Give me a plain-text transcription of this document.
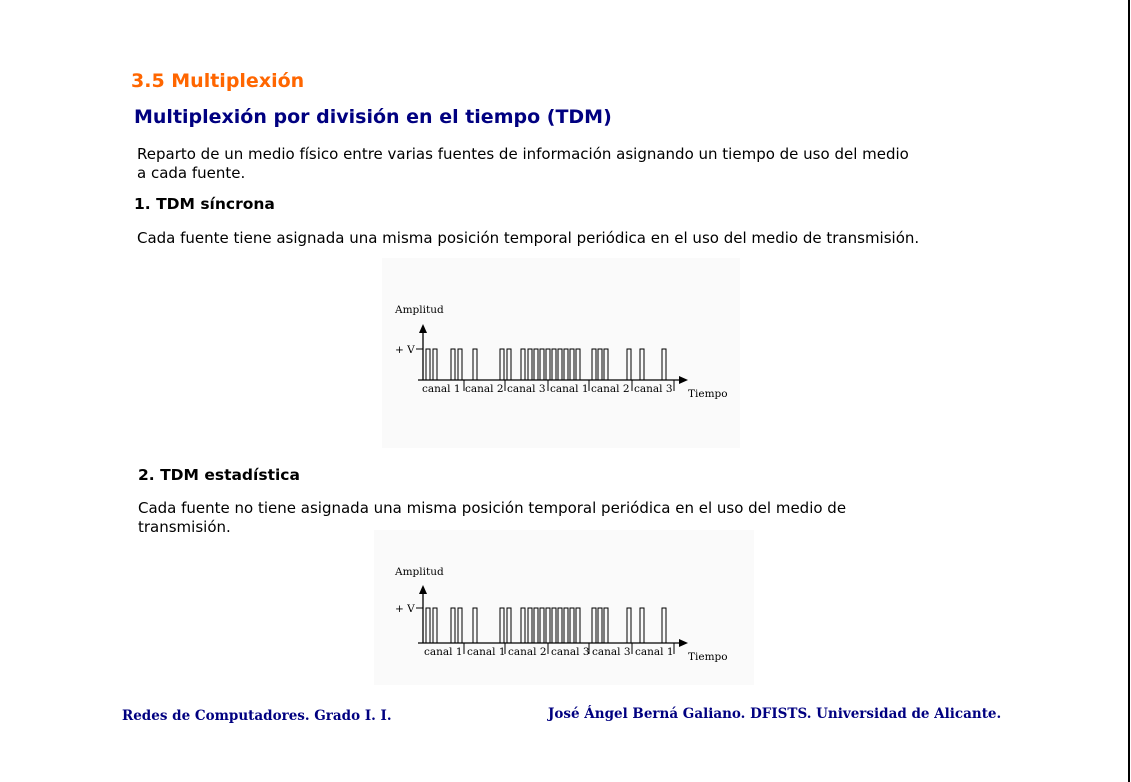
3.5 Multiplexión
Multiplexión por división en el tiempo (TDM)
Reparto de un medio físico entre varias fuentes de información asignando un tiempo de uso del medio
a cada fuente.
1. TDM síncrona
Cada fuente tiene asignada una misma posición temporal periódica en el uso del medio de transmisión.
Amplitud
+ V
canal 1 canal 2 canal 3 canal 1 canal 2 canal 3 Tiempo
2. TDM estadística
Cada fuente no tiene asignada una misma posición temporal periódica en el uso del medio de
transmisión.
Amplitud
+ V
canal 1 canal 1 canal 2 canal 3 canal 3 canal 1 Tiempo
Redes de Computadores. Grado I. I.	José Ángel Berná Galiano. DFISTS. Universidad de Alicante.
